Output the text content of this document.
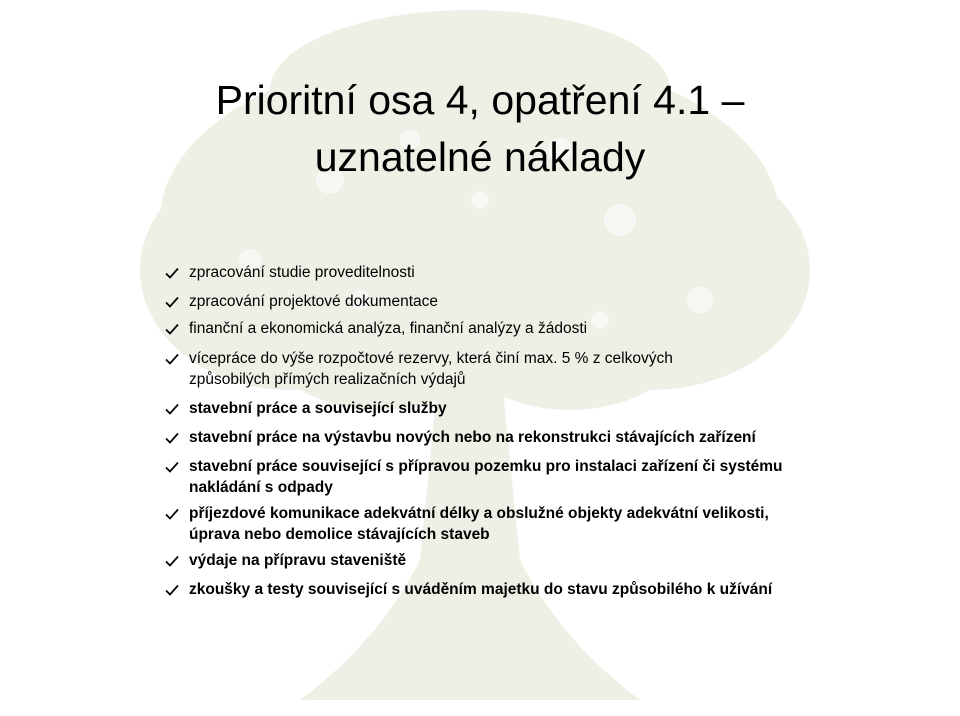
Prioritní osa 4, opatření 4.1 –
uznatelné náklady
zpracování studie proveditelnosti
zpracování projektové dokumentace
finanční a ekonomická analýza, finanční analýzy a žádosti
vícepráce do výše rozpočtové rezervy, která činí max. 5 % z celkových
způsobilých přímých realizačních výdajů
stavební práce a související služby
stavební práce na výstavbu nových nebo na rekonstrukci stávajících zařízení
stavební práce související s přípravou pozemku pro instalaci zařízení či systému
nakládání s odpady
příjezdové komunikace adekvátní délky a obslužné objekty adekvátní velikosti,
úprava nebo demolice stávajících staveb
výdaje na přípravu staveniště
zkoušky a testy související s uváděním majetku do stavu způsobilého k užívání
